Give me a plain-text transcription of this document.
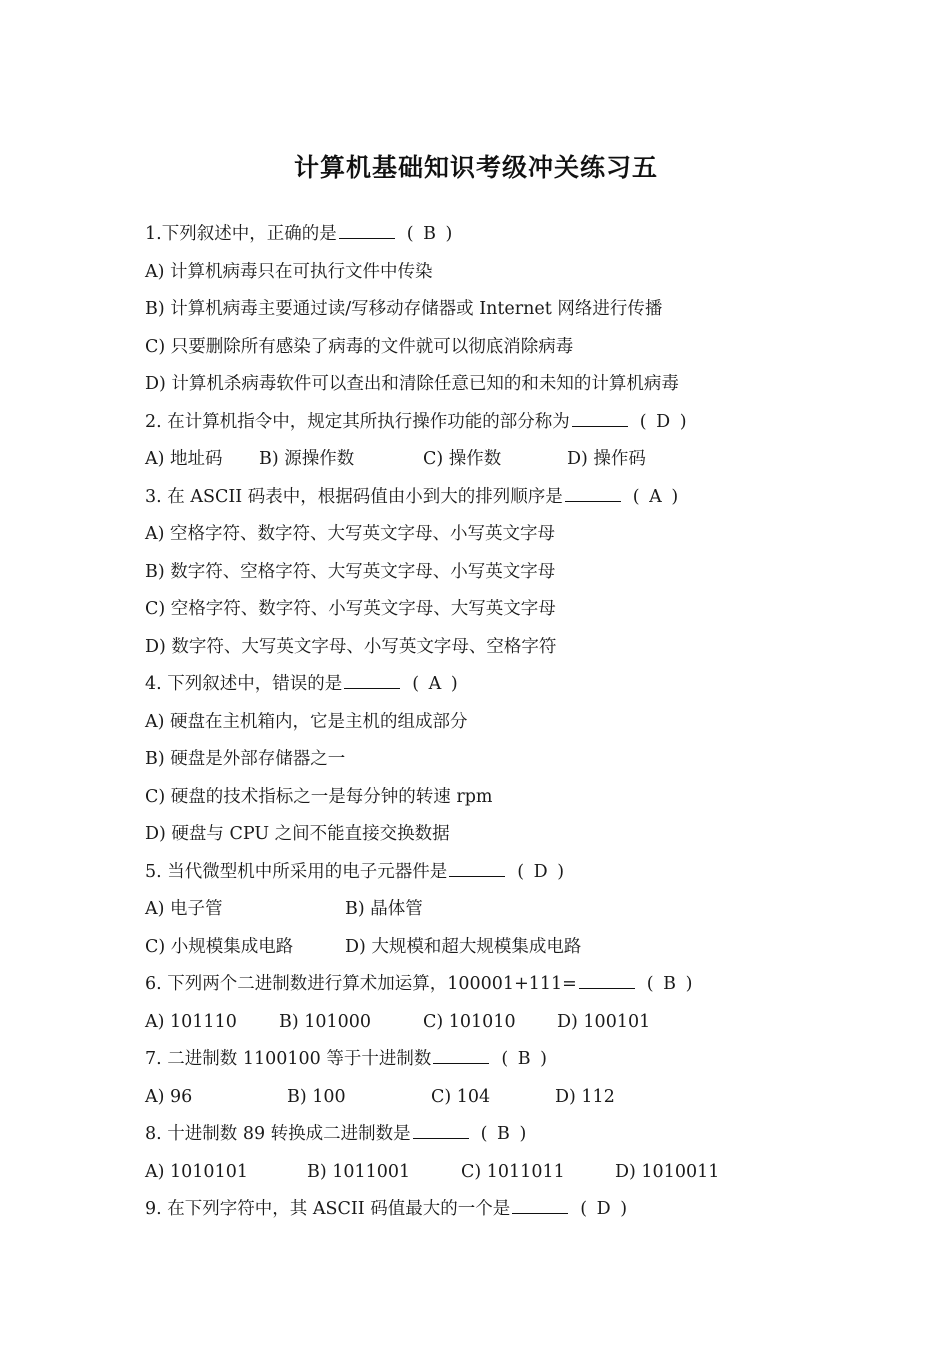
计算机基础知识考级冲关练习五
1.下列叙述中，正确的是	( B )
A) 计算机病毒只在可执行文件中传染
B) 计算机病毒主要通过读/写移动存储器或 Internet 网络进行传播
C) 只要删除所有感染了病毒的文件就可以彻底消除病毒
D) 计算机杀病毒软件可以查出和清除任意已知的和未知的计算机病毒
2. 在计算机指令中，规定其所执行操作功能的部分称为	( D )
A) 地址码	B) 源操作数	C) 操作数	D) 操作码
3. 在 ASCII 码表中，根据码值由小到大的排列顺序是	( A )
A) 空格字符、数字符、大写英文字母、小写英文字母
B) 数字符、空格字符、大写英文字母、小写英文字母
C) 空格字符、数字符、小写英文字母、大写英文字母
D) 数字符、大写英文字母、小写英文字母、空格字符
4. 下列叙述中，错误的是	( A )
A) 硬盘在主机箱内，它是主机的组成部分
B) 硬盘是外部存储器之一
C) 硬盘的技术指标之一是每分钟的转速 rpm
D) 硬盘与 CPU 之间不能直接交换数据
5. 当代微型机中所采用的电子元器件是	( D )
A) 电子管	B) 晶体管
C) 小规模集成电路	D) 大规模和超大规模集成电路
6. 下列两个二进制数进行算术加运算，100001+111=	( B )
A) 101110	B) 101000	C) 101010	D) 100101
7. 二进制数 1100100 等于十进制数	( B )
A) 96	B) 100	C) 104	D) 112
8. 十进制数 89 转换成二进制数是	( B )
A) 1010101	B) 1011001	C) 1011011	D) 1010011
9. 在下列字符中，其 ASCII 码值最大的一个是	( D )
